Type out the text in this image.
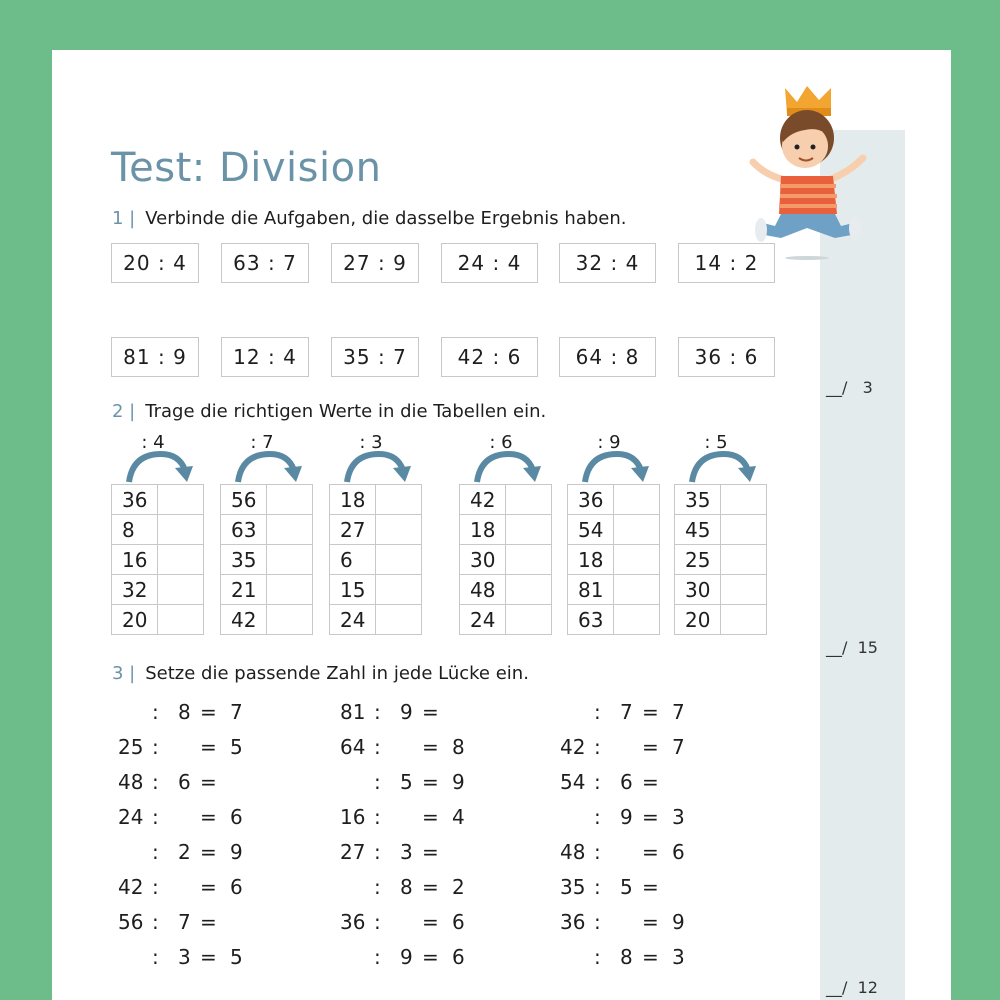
__/   3
__/  15
__/  12
Test: Division
1 | Verbinde die Aufgaben, die dasselbe Ergebnis haben.
20 : 4	63 : 7	27 : 9	24 : 4	32 : 4	14 : 2
81 : 9	12 : 4	35 : 7	42 : 6	64 : 8	36 : 6
2 | Trage die richtigen Werte in die Tabellen ein.
: 4
36	
8	
16	
32	
20	
: 7
56	
63	
35	
21	
42	
: 3
18	
27	
6	
15	
24	
: 6
42	
18	
30	
48	
24	
: 9
36	
54	
18	
81	
63	
: 5
35	
45	
25	
30	
20	
3 | Setze die passende Zahl in jede Lücke ein.
: 8 = 7
25 : = 5
48 : 6 =
24 : = 6
: 2 = 9
42 : = 6
56 : 7 =
: 3 = 5
81 : 9 =
64 : = 8
: 5 = 9
16 : = 4
27 : 3 =
: 8 = 2
36 : = 6
: 9 = 6
: 7 = 7
42 : = 7
54 : 6 =
: 9 = 3
48 : = 6
35 : 5 =
36 : = 9
: 8 = 3
